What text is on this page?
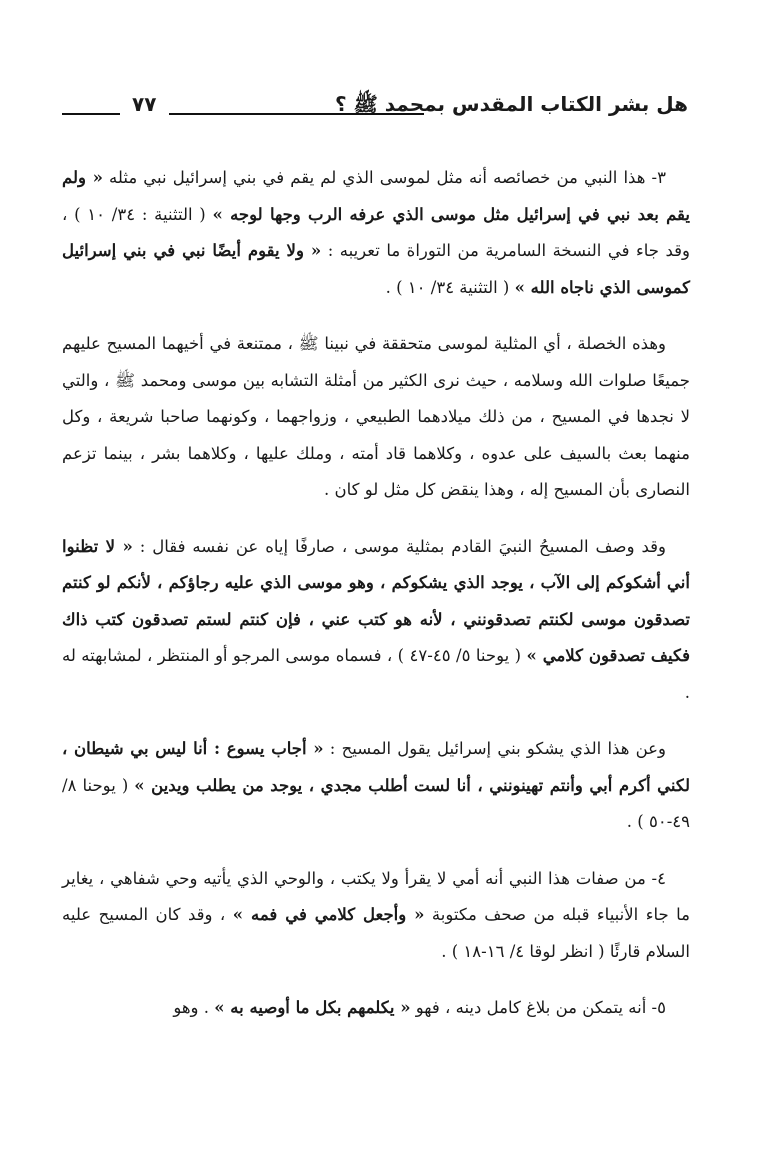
هل بشر الكتاب المقدس بمحمد ﷺ ؟
٧٧

٣- هذا النبي من خصائصه أنه مثل لموسى الذي لم يقم في بني إسرائيل نبي مثله « ولم يقم بعد نبي في إسرائيل مثل موسى الذي عرفه الرب وجها لوجه » ( التثنية : ٣٤/ ١٠ ) ، وقد جاء في النسخة السامرية من التوراة ما تعريبه : « ولا يقوم أيضًا نبي في بني إسرائيل كموسى الذي ناجاه الله » ( التثنية ٣٤/ ١٠ ) .

وهذه الخصلة ، أي المثلية لموسى متحققة في نبينا ﷺ ، ممتنعة في أخيهما المسيح عليهم جميعًا صلوات الله وسلامه ، حيث نرى الكثير من أمثلة التشابه بين موسى ومحمد ﷺ ، والتي لا نجدها في المسيح ، من ذلك ميلادهما الطبيعي ، وزواجهما ، وكونهما صاحبا شريعة ، وكل منهما بعث بالسيف على عدوه ، وكلاهما قاد أمته ، وملك عليها ، وكلاهما بشر ، بينما تزعم النصارى بأن المسيح إله ، وهذا ينقض كل مثل لو كان .

وقد وصف المسيحُ النبيَ القادم بمثلية موسى ، صارفًا إياه عن نفسه فقال : « لا تظنوا أني أشكوكم إلى الآب ، يوجد الذي يشكوكم ، وهو موسى الذي عليه رجاؤكم ، لأنكم لو كنتم تصدقون موسى لكنتم تصدقونني ، لأنه هو كتب عني ، فإن كنتم لستم تصدقون كتب ذاك فكيف تصدقون كلامي » ( يوحنا ٥/ ٤٥-٤٧ ) ، فسماه موسى المرجو أو المنتظر ، لمشابهته له .

وعن هذا الذي يشكو بني إسرائيل يقول المسيح : « أجاب يسوع : أنا ليس بي شيطان ، لكني أكرم أبي وأنتم تهينونني ، أنا لست أطلب مجدي ، يوجد من يطلب ويدين » ( يوحنا ٨/ ٤٩-٥٠ ) .

٤- من صفات هذا النبي أنه أمي لا يقرأ ولا يكتب ، والوحي الذي يأتيه وحي شفاهي ، يغاير ما جاء الأنبياء قبله من صحف مكتوبة « وأجعل كلامي في فمه » ، وقد كان المسيح عليه السلام قارئًا ( انظر لوقا ٤/ ١٦-١٨ ) .

٥- أنه يتمكن من بلاغ كامل دينه ، فهو « يكلمهم بكل ما أوصيه به » . وهو
